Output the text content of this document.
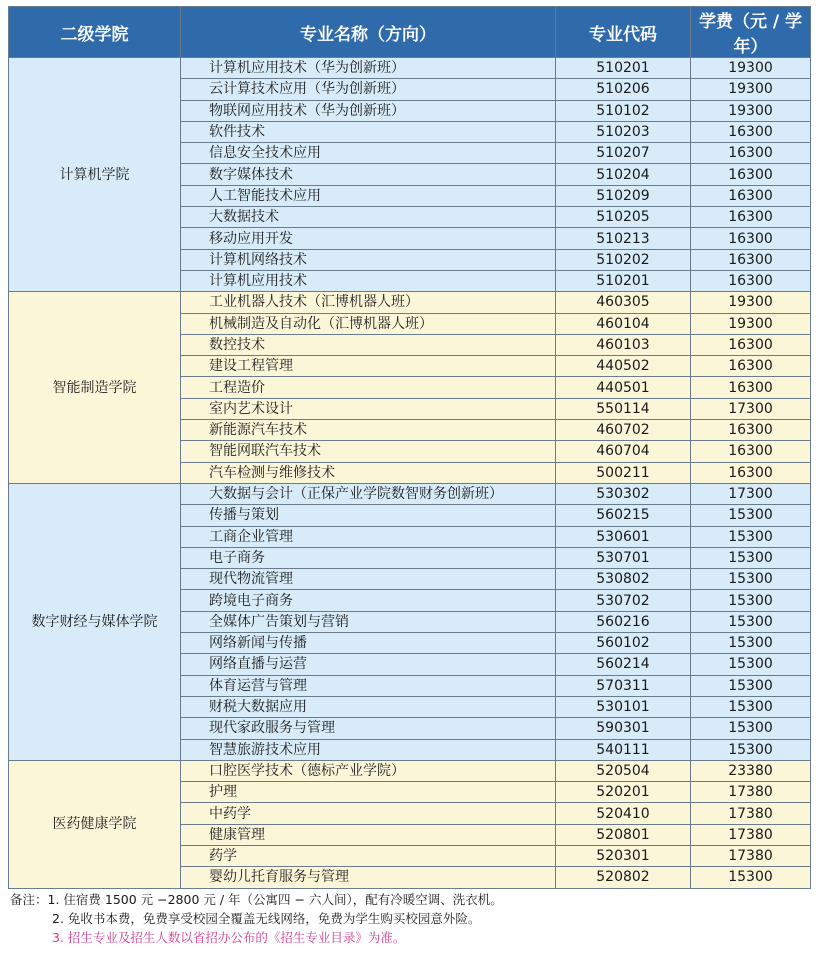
二级学院	专业名称（方向）	专业代码	学费（元 / 学年）
计算机学院	计算机应用技术（华为创新班）	510201	19300
	云计算技术应用（华为创新班）	510206	19300
	物联网应用技术（华为创新班）	510102	19300
	软件技术	510203	16300
	信息安全技术应用	510207	16300
	数字媒体技术	510204	16300
	人工智能技术应用	510209	16300
	大数据技术	510205	16300
	移动应用开发	510213	16300
	计算机网络技术	510202	16300
	计算机应用技术	510201	16300
智能制造学院	工业机器人技术（汇博机器人班）	460305	19300
	机械制造及自动化（汇博机器人班）	460104	19300
	数控技术	460103	16300
	建设工程管理	440502	16300
	工程造价	440501	16300
	室内艺术设计	550114	17300
	新能源汽车技术	460702	16300
	智能网联汽车技术	460704	16300
	汽车检测与维修技术	500211	16300
数字财经与媒体学院	大数据与会计（正保产业学院数智财务创新班）	530302	17300
	传播与策划	560215	15300
	工商企业管理	530601	15300
	电子商务	530701	15300
	现代物流管理	530802	15300
	跨境电子商务	530702	15300
	全媒体广告策划与营销	560216	15300
	网络新闻与传播	560102	15300
	网络直播与运营	560214	15300
	体育运营与管理	570311	15300
	财税大数据应用	530101	15300
	现代家政服务与管理	590301	15300
	智慧旅游技术应用	540111	15300
医药健康学院	口腔医学技术（德标产业学院）	520504	23380
	护理	520201	17380
	中药学	520410	17380
	健康管理	520801	17380
	药学	520301	17380
	婴幼儿托育服务与管理	520802	15300
备注：1. 住宿费 1500 元 −2800 元 / 年（公寓四 − 六人间），配有冷暖空调、洗衣机。
2. 免收书本费，免费享受校园全覆盖无线网络，免费为学生购买校园意外险。
3. 招生专业及招生人数以省招办公布的《招生专业目录》为准。
